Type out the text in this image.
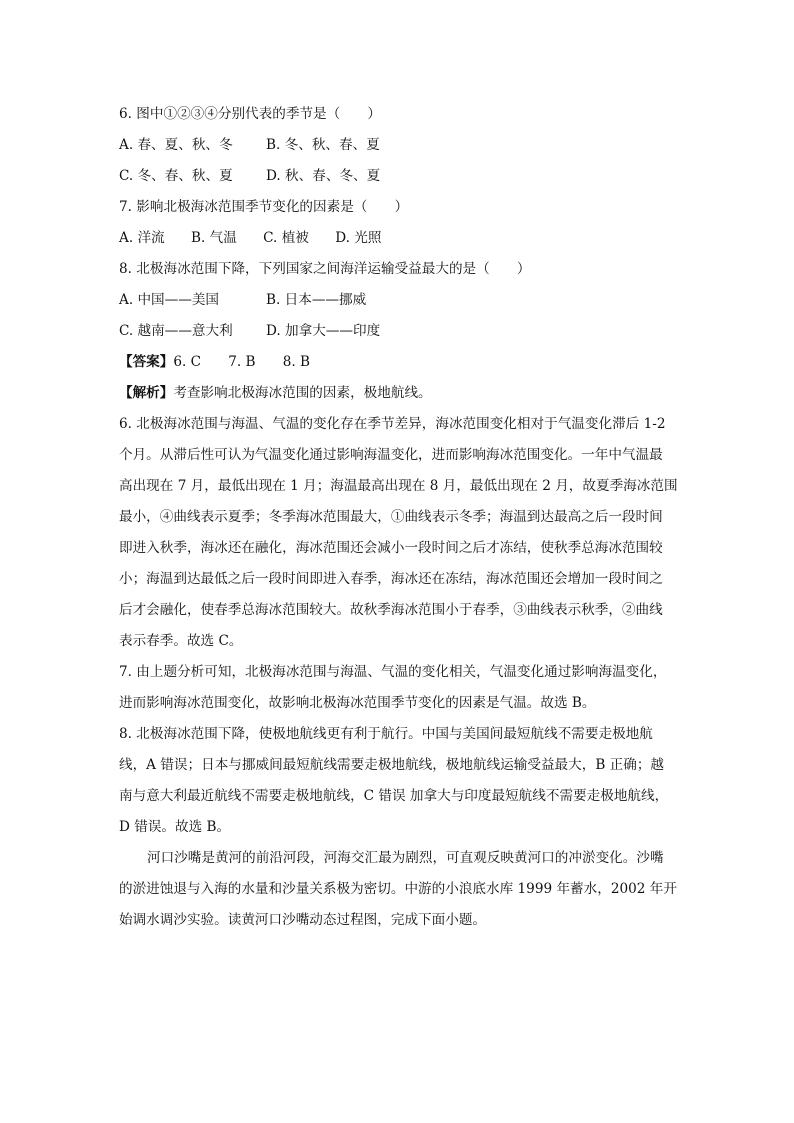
6. 图中①②③④分别代表的季节是（　　）
A. 春、夏、秋、冬	B. 冬、秋、春、夏
C. 冬、春、秋、夏	D. 秋、春、冬、夏
7. 影响北极海冰范围季节变化的因素是（　　）
A. 洋流 B. 气温 C. 植被 D. 光照
8. 北极海冰范围下降，下列国家之间海洋运输受益最大的是（　　）
A. 中国——美国	B. 日本——挪威
C. 越南——意大利	D. 加拿大——印度
【答案】6. C　　7. B　　8. B
【解析】考查影响北极海冰范围的因素，极地航线。
6. 北极海冰范围与海温、气温的变化存在季节差异，海冰范围变化相对于气温变化滞后 1-2
个月。从滞后性可认为气温变化通过影响海温变化，进而影响海冰范围变化。一年中气温最
高出现在 7 月，最低出现在 1 月；海温最高出现在 8 月，最低出现在 2 月，故夏季海冰范围
最小，④曲线表示夏季；冬季海冰范围最大，①曲线表示冬季；海温到达最高之后一段时间
即进入秋季，海冰还在融化，海冰范围还会减小一段时间之后才冻结，使秋季总海冰范围较
小；海温到达最低之后一段时间即进入春季，海冰还在冻结，海冰范围还会增加一段时间之
后才会融化，使春季总海冰范围较大。故秋季海冰范围小于春季，③曲线表示秋季，②曲线
表示春季。故选 C。
7. 由上题分析可知，北极海冰范围与海温、气温的变化相关，气温变化通过影响海温变化，
进而影响海冰范围变化，故影响北极海冰范围季节变化的因素是气温。故选 B。
8. 北极海冰范围下降，使极地航线更有利于航行。中国与美国间最短航线不需要走极地航
线，A 错误；日本与挪威间最短航线需要走极地航线，极地航线运输受益最大，B 正确；越
南与意大利最近航线不需要走极地航线，C 错误 加拿大与印度最短航线不需要走极地航线，
D 错误。故选 B。
河口沙嘴是黄河的前沿河段，河海交汇最为剧烈，可直观反映黄河口的冲淤变化。沙嘴
的淤进蚀退与入海的水量和沙量关系极为密切。中游的小浪底水库 1999 年蓄水，2002 年开
始调水调沙实验。读黄河口沙嘴动态过程图，完成下面小题。
